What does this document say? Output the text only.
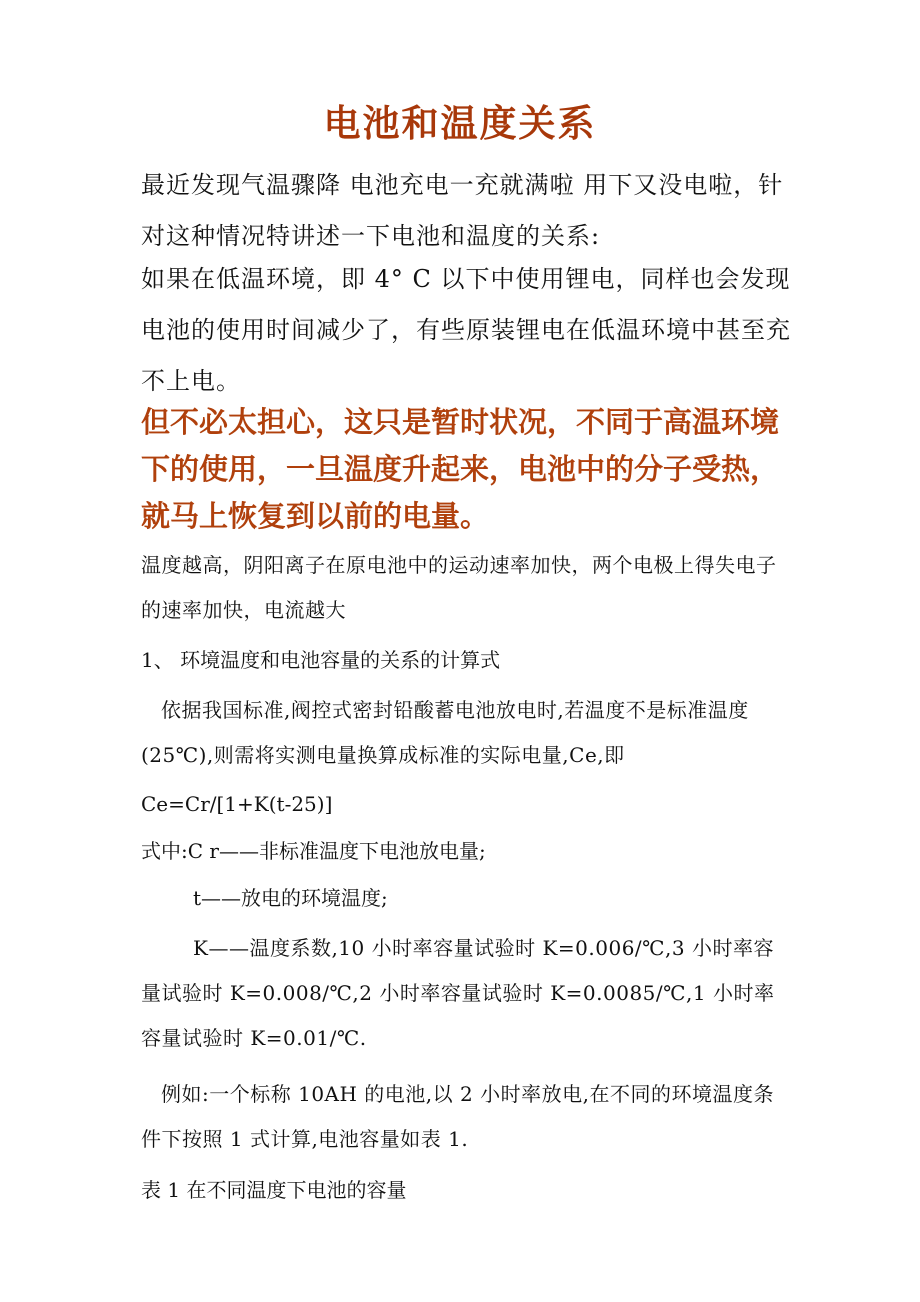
电池和温度关系

最近发现气温骤降 电池充电一充就满啦 用下又没电啦，针对这种情况特讲述一下电池和温度的关系:

如果在低温环境，即 4° C 以下中使用锂电，同样也会发现电池的使用时间减少了，有些原装锂电在低温环境中甚至充不上电。

但不必太担心，这只是暂时状况，不同于高温环境下的使用，一旦温度升起来，电池中的分子受热，就马上恢复到以前的电量。

温度越高，阴阳离子在原电池中的运动速率加快，两个电极上得失电子的速率加快，电流越大

1、 环境温度和电池容量的关系的计算式

依据我国标准,阀控式密封铅酸蓄电池放电时,若温度不是标准温度(25℃),则需将实测电量换算成标准的实际电量,Ce,即

Ce=Cr/[1+K(t-25)]

式中:C r——非标准温度下电池放电量;

t——放电的环境温度;

K——温度系数,10 小时率容量试验时 K=0.006/℃,3 小时率容量试验时 K=0.008/℃,2 小时率容量试验时 K=0.0085/℃,1 小时率容量试验时 K=0.01/℃.

例如:一个标称 10AH 的电池,以 2 小时率放电,在不同的环境温度条件下按照 1 式计算,电池容量如表 1.

表 1 在不同温度下电池的容量
